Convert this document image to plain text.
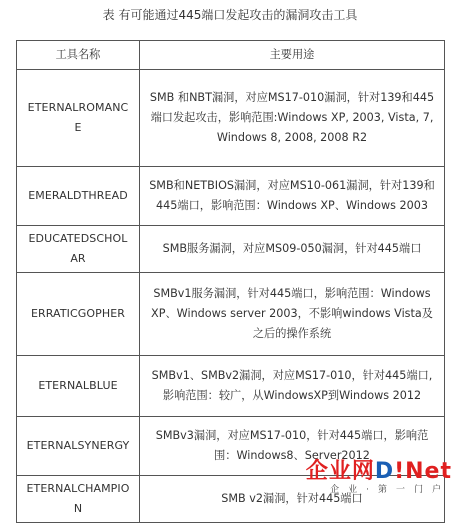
表 有可能通过445端口发起攻击的漏洞攻击工具
工具名称	主要用途
ETERNALROMANCE	SMB 和NBT漏洞，对应MS17-010漏洞，针对139和445端口发起攻击，影响范围:Windows XP, 2003, Vista, 7, Windows 8, 2008, 2008 R2
EMERALDTHREAD	SMB和NETBIOS漏洞，对应MS10-061漏洞，针对139和445端口，影响范围：Windows XP、Windows 2003
EDUCATEDSCHOLAR	SMB服务漏洞，对应MS09-050漏洞，针对445端口
ERRATICGOPHER	SMBv1服务漏洞，针对445端口，影响范围：Windows XP、Windows server 2003，不影响windows Vista及之后的操作系统
ETERNALBLUE	SMBv1、SMBv2漏洞，对应MS17-010，针对445端口,影响范围：较广，从WindowsXP到Windows 2012
ETERNALSYNERGY	SMBv3漏洞，对应MS17-010，针对445端口，影响范围：Windows8、Server2012
ETERNALCHAMPION	SMB v2漏洞，针对445端口
企业网D!Net
企业·第一门户
